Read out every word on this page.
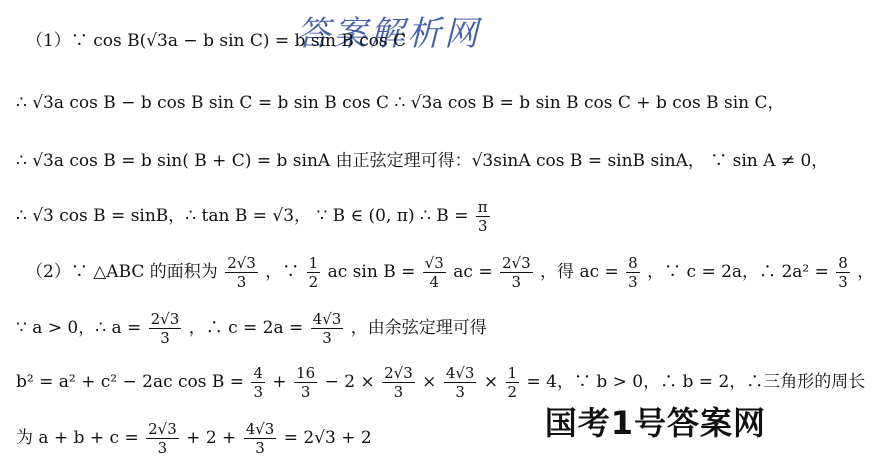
答案解析网
（1）∵ cos B(√3a − b sin C) = b sin B cos C
∴ √3a cos B − b cos B sin C = b sin B cos C ∴ √3a cos B = b sin B cos C + b cos B sin C，
∴ √3a cos B = b sin( B + C) = b sinA 由正弦定理可得：√3sinA cos B = sinB sinA， ∵ sin A ≠ 0，
∴ √3 cos B = sinB，∴ tan B = √3， ∵ B ∈ (0, π) ∴ $B = \frac{\pi}{3}$
（2）∵ △ABC 的面积为 $\frac{2√3}{3}$ ，∵ $\frac{1}{2}$ ac $\sin B = \frac{√3}{4}$ ac = $\frac{2√3}{3}$ ，得 ac = $\frac{8}{3}$ ，∵ c = 2a，∴ $2a^2 = \frac{8}{3}$ ，
∵ a > 0，∴ $a = \frac{2√3}{3}$ ，∴ $c = 2a = \frac{4√3}{3}$ ，由余弦定理可得
b² = a² + c² − 2ac $\cos B = \frac{4}{3} + \frac{16}{3} - 2 \times \frac{2√3}{3} \times \frac{4√3}{3} \times \frac{1}{2} = 4$，∵ b > 0，∴ b = 2，∴三角形的周长
为 $a + b + c = \frac{2√3}{3} + 2 + \frac{4√3}{3} = 2√3 + 2$	国考1号答案网
